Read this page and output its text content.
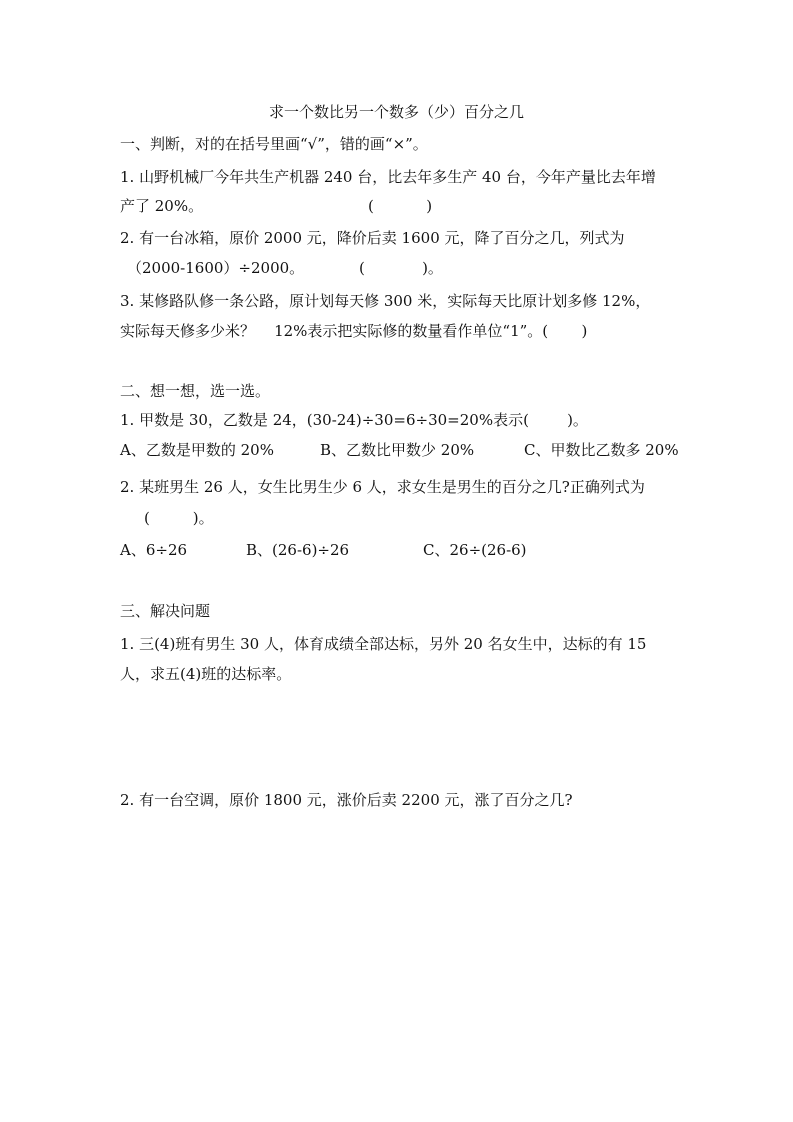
求一个数比另一个数多（少）百分之几
一、判断，对的在括号里画“√”，错的画“×”。
1. 山野机械厂今年共生产机器 240 台，比去年多生产 40 台，今年产量比去年增
产了 20%。	(           )
2. 有一台冰箱，原价 2000 元，降价后卖 1600 元，降了百分之几，列式为
（2000-1600）÷2000。	(            )。
3. 某修路队修一条公路，原计划每天修 300 米，实际每天比原计划多修 12%，
实际每天修多少米？    12%表示把实际修的数量看作单位“1”。(       )
二、想一想，选一选。
1. 甲数是 30，乙数是 24，(30-24)÷30=6÷30=20%表示(        )。
A、乙数是甲数的 20%	B、乙数比甲数少 20%	C、甲数比乙数多 20%
2. 某班男生 26 人，女生比男生少 6 人，求女生是男生的百分之几?正确列式为
(         )。
A、6÷26	B、(26-6)÷26	C、26÷(26-6)
三、解决问题
1. 三(4)班有男生 30 人，体育成绩全部达标，另外 20 名女生中，达标的有 15
人，求五(4)班的达标率。
2. 有一台空调，原价 1800 元，涨价后卖 2200 元，涨了百分之几?
